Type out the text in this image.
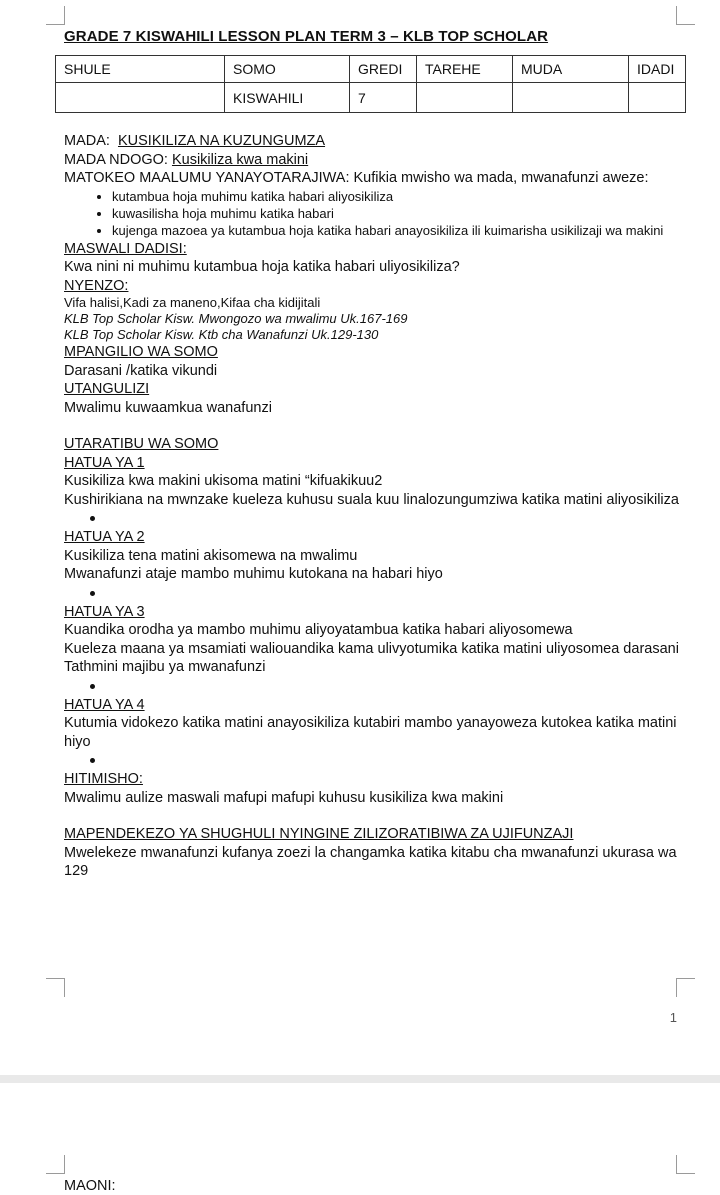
GRADE 7 KISWAHILI LESSON PLAN TERM 3 – KLB TOP SCHOLAR
SHULE	SOMO	GREDI	TAREHE	MUDA	IDADI
	KISWAHILI	7			

MADA: KUSIKILIZA NA KUZUNGUMZA

MADA NDOGO: Kusikiliza kwa makini

MATOKEO MAALUMU YANAYOTARAJIWA: Kufikia mwisho wa mada, mwanafunzi aweze:

• kutambua hoja muhimu katika habari aliyosikiliza
• kuwasilisha hoja muhimu katika habari
• kujenga mazoea ya kutambua hoja katika habari anayosikiliza ili kuimarisha usikilizaji wa makini

MASWALI DADISI:

Kwa nini ni muhimu kutambua hoja katika habari uliyosikiliza?

NYENZO:

Vifa halisi,Kadi za maneno,Kifaa cha kidijitali

KLB Top Scholar Kisw. Mwongozo wa mwalimu Uk.167-169

KLB Top Scholar Kisw. Ktb cha Wanafunzi Uk.129-130

MPANGILIO WA SOMO

Darasani /katika vikundi

UTANGULIZI

Mwalimu kuwaamkua wanafunzi

UTARATIBU WA SOMO

HATUA YA 1

Kusikiliza kwa makini ukisoma matini “kifuakikuu2

Kushirikiana na mwnzake kueleza kuhusu suala kuu linalozungumziwa katika matini aliyosikiliza

HATUA YA 2

Kusikiliza tena matini akisomewa na mwalimu

Mwanafunzi ataje mambo muhimu kutokana na habari hiyo

HATUA YA 3

Kuandika orodha ya mambo muhimu aliyoyatambua katika habari aliyosomewa

Kueleza maana ya msamiati waliouandika kama ulivyotumika katika matini uliyosomea darasani

Tathmini majibu ya mwanafunzi

HATUA YA 4

Kutumia vidokezo katika matini anayosikiliza kutabiri mambo yanayoweza kutokea katika matini hiyo

HITIMISHO:

Mwalimu aulize maswali mafupi mafupi kuhusu kusikiliza kwa makini

MAPENDEKEZO YA SHUGHULI NYINGINE ZILIZORATIBIWA ZA UJIFUNZAJI

Mwelekeze mwanafunzi kufanya zoezi la changamka katika kitabu cha mwanafunzi ukurasa wa 129

1
MAONI:
